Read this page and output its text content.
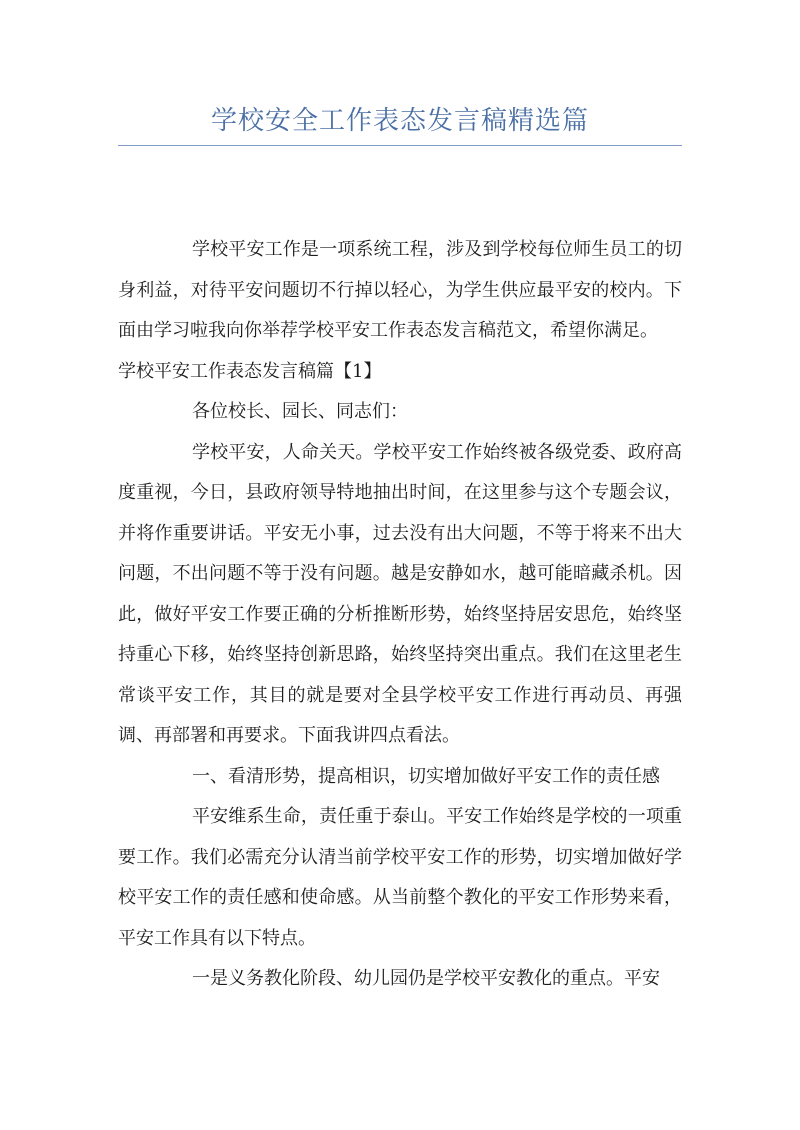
学校安全工作表态发言稿精选篇

学校平安工作是一项系统工程，涉及到学校每位师生员工的切身利益，对待平安问题切不行掉以轻心，为学生供应最平安的校内。下面由学习啦我向你举荐学校平安工作表态发言稿范文，希望你满足。

学校平安工作表态发言稿篇【1】

各位校长、园长、同志们：

学校平安，人命关天。学校平安工作始终被各级党委、政府高度重视，今日，县政府领导特地抽出时间，在这里参与这个专题会议，并将作重要讲话。平安无小事，过去没有出大问题，不等于将来不出大问题，不出问题不等于没有问题。越是安静如水，越可能暗藏杀机。因此，做好平安工作要正确的分析推断形势，始终坚持居安思危，始终坚持重心下移，始终坚持创新思路，始终坚持突出重点。我们在这里老生常谈平安工作，其目的就是要对全县学校平安工作进行再动员、再强调、再部署和再要求。下面我讲四点看法。

一、看清形势，提高相识，切实增加做好平安工作的责任感

平安维系生命，责任重于泰山。平安工作始终是学校的一项重要工作。我们必需充分认清当前学校平安工作的形势，切实增加做好学校平安工作的责任感和使命感。从当前整个教化的平安工作形势来看，平安工作具有以下特点。

一是义务教化阶段、幼儿园仍是学校平安教化的重点。平安
